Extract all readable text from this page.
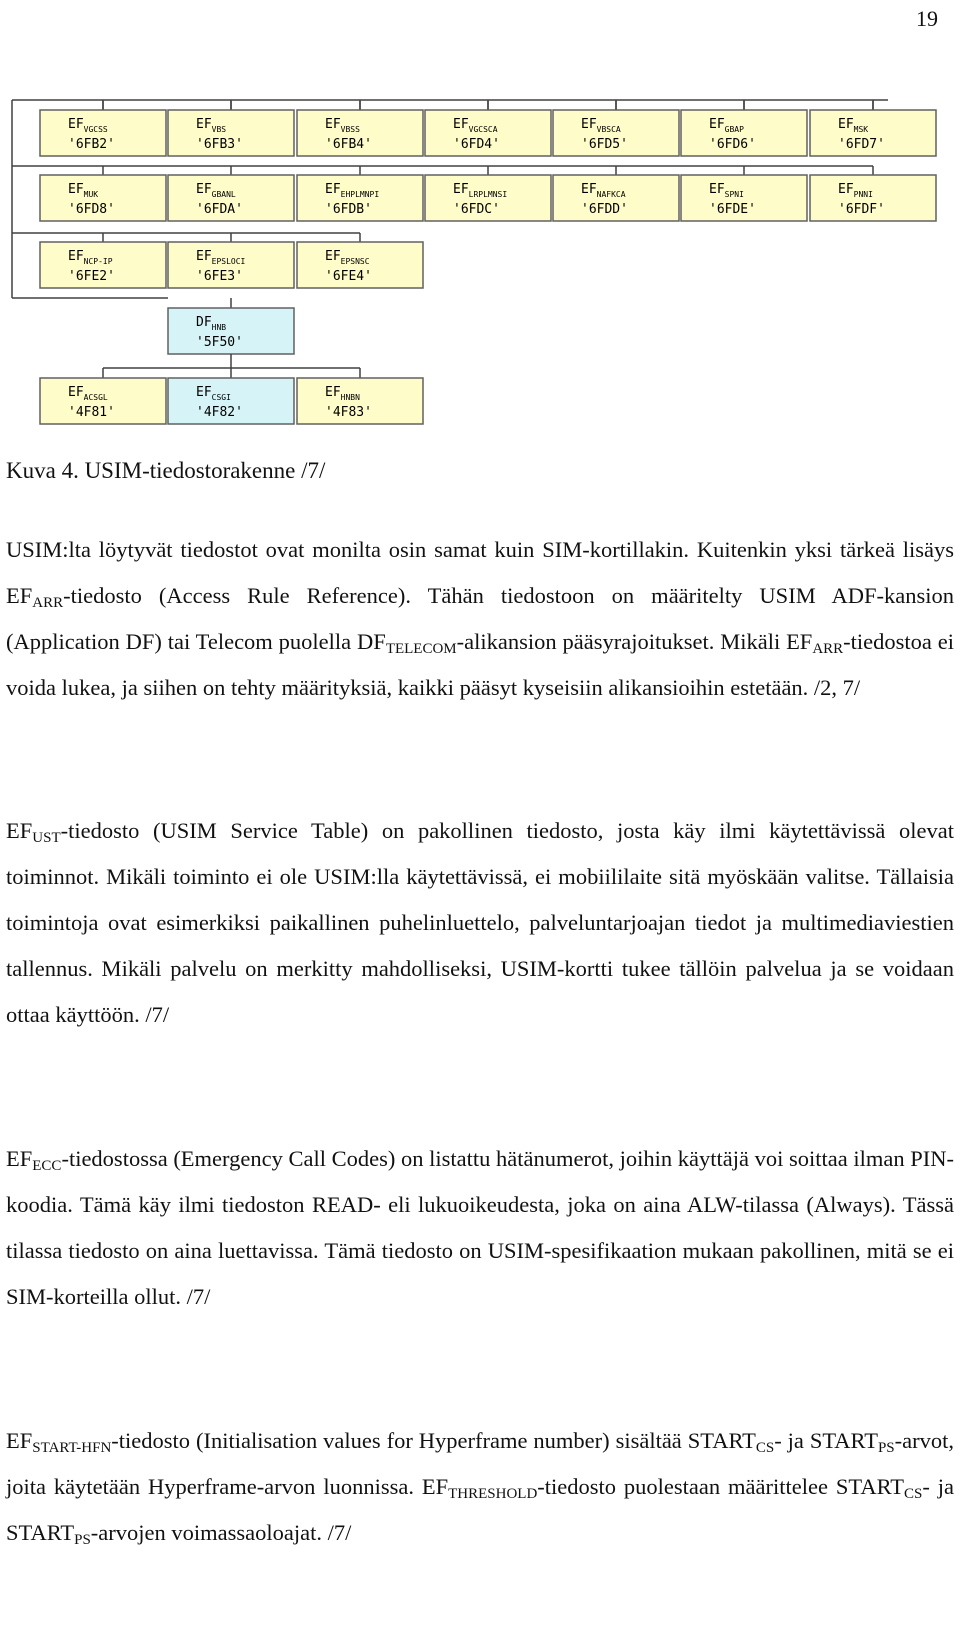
19
$EF_{VGCSS}$
'6FB2'
$EF_{VBS}$
'6FB3'
$EF_{VBSS}$
'6FB4'
$EF_{VGCSCA}$
'6FD4'
$EF_{VBSCA}$
'6FD5'
$EF_{GBAP}$
'6FD6'
$EF_{MSK}$
'6FD7'
$EF_{MUK}$
'6FD8'
$EF_{GBANL}$
'6FDA'
$EF_{EHPLMNPI}$
'6FDB'
$EF_{LRPLMNSI}$
'6FDC'
$EF_{NAFKCA}$
'6FDD'
$EF_{SPNI}$
'6FDE'
$EF_{PNNI}$
'6FDF'
$EF_{NCP-IP}$
'6FE2'
$EF_{EPSLOCI}$
'6FE3'
$EF_{EPSNSC}$
'6FE4'
$DF_{HNB}$
'5F50'
$EF_{ACSGL}$
'4F81'
$EF_{CSGI}$
'4F82'
$EF_{HNBN}$
'4F83'
Kuva 4. USIM-tiedostorakenne /7/

USIM:lta löytyvät tiedostot ovat monilta osin samat kuin SIM-kortillakin. Kuitenkin yksi tärkeä lisäys $EF_{ARR}$-tiedosto (Access Rule Reference). Tähän tiedostoon on määritelty USIM ADF-kansion (Application DF) tai Telecom puolella $DF_{TELECOM}$-alikansion pääsyrajoitukset. Mikäli $EF_{ARR}$-tiedostoa ei voida lukea, ja siihen on tehty määrityksiä, kaikki pääsyt kyseisiin alikansioihin estetään. /2, 7/

$EF_{UST}$-tiedosto (USIM Service Table) on pakollinen tiedosto, josta käy ilmi käytettävissä olevat toiminnot. Mikäli toiminto ei ole USIM:lla käytettävissä, ei mobiililaite sitä myöskään valitse. Tällaisia toimintoja ovat esimerkiksi paikallinen puhelinluettelo, palveluntarjoajan tiedot ja multimediaviestien tallennus. Mikäli palvelu on merkitty mahdolliseksi, USIM-kortti tukee tällöin palvelua ja se voidaan ottaa käyttöön. /7/

$EF_{ECC}$-tiedostossa (Emergency Call Codes) on listattu hätänumerot, joihin käyttäjä voi soittaa ilman PIN-koodia. Tämä käy ilmi tiedoston READ- eli lukuoikeudesta, joka on aina ALW-tilassa (Always). Tässä tilassa tiedosto on aina luettavissa. Tämä tiedosto on USIM-spesifikaation mukaan pakollinen, mitä se ei SIM-korteilla ollut. /7/

$EF_{START-HFN}$-tiedosto (Initialisation values for Hyperframe number) sisältää $START_{CS}-$ ja $START_{PS}$-arvot, joita käytetään Hyperframe-arvon luonnissa. $EF_{THRESHOLD}$-tiedosto puolestaan määrittelee $START_{CS}-$ ja $START_{PS}$-arvojen voimassaoloajat. /7/
